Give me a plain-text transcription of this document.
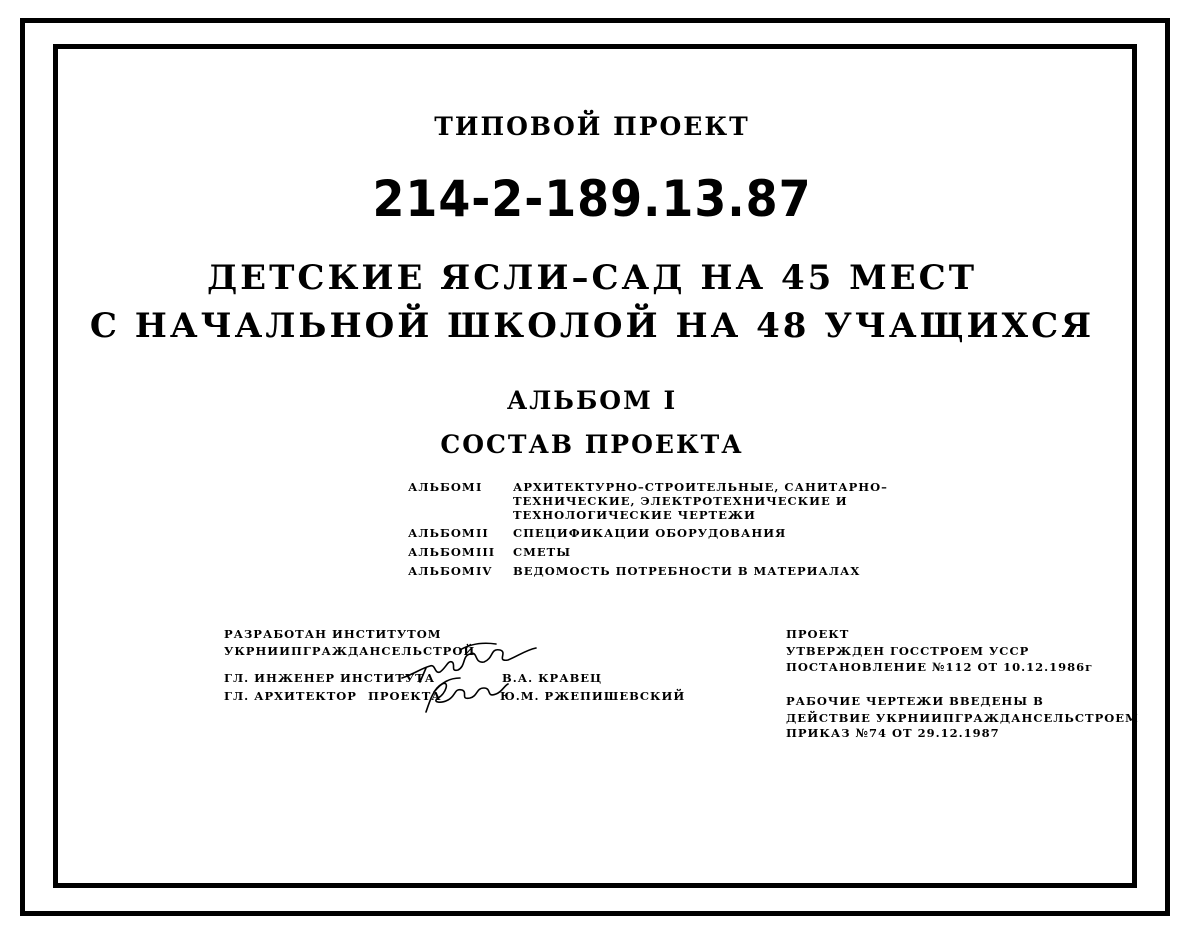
ТИПОВОЙ ПРОЕКТ
214-2-189.13.87
ДЕТСКИЕ ЯСЛИ–САД НА 45 МЕСТ
С НАЧАЛЬНОЙ ШКОЛОЙ НА 48 УЧАЩИХСЯ
АЛЬБОМ I
СОСТАВ ПРОЕКТА
АЛЬБОМ I	АРХИТЕКТУРНО–СТРОИТЕЛЬНЫЕ, САНИТАРНО–
ТЕХНИЧЕСКИЕ, ЭЛЕКТРОТЕХНИЧЕСКИЕ И
ТЕХНОЛОГИЧЕСКИЕ ЧЕРТЕЖИ
АЛЬБОМ II СПЕЦИФИКАЦИИ ОБОРУДОВАНИЯ
АЛЬБОМ III СМЕТЫ
АЛЬБОМ IV ВЕДОМОСТЬ ПОТРЕБНОСТИ В МАТЕРИАЛАХ
РАЗРАБОТАН ИНСТИТУТОМ
УКРНИИПГРАЖДАНСЕЛЬСТРОЙ
ГЛ. ИНЖЕНЕР ИНСТИТУТА	В.А. КРАВЕЦ
ГЛ. АРХИТЕКТОР ПРОЕКТА	Ю.М. РЖЕПИШЕВСКИЙ
ПРОЕКТ
УТВЕРЖДЕН ГОССТРОЕМ УССР
ПОСТАНОВЛЕНИЕ №112 ОТ 10.12.1986г
РАБОЧИЕ ЧЕРТЕЖИ ВВЕДЕНЫ В
ДЕЙСТВИЕ УКРНИИПГРАЖДАНСЕЛЬСТРОЕМ
ПРИКАЗ №74 ОТ 29.12.1987
